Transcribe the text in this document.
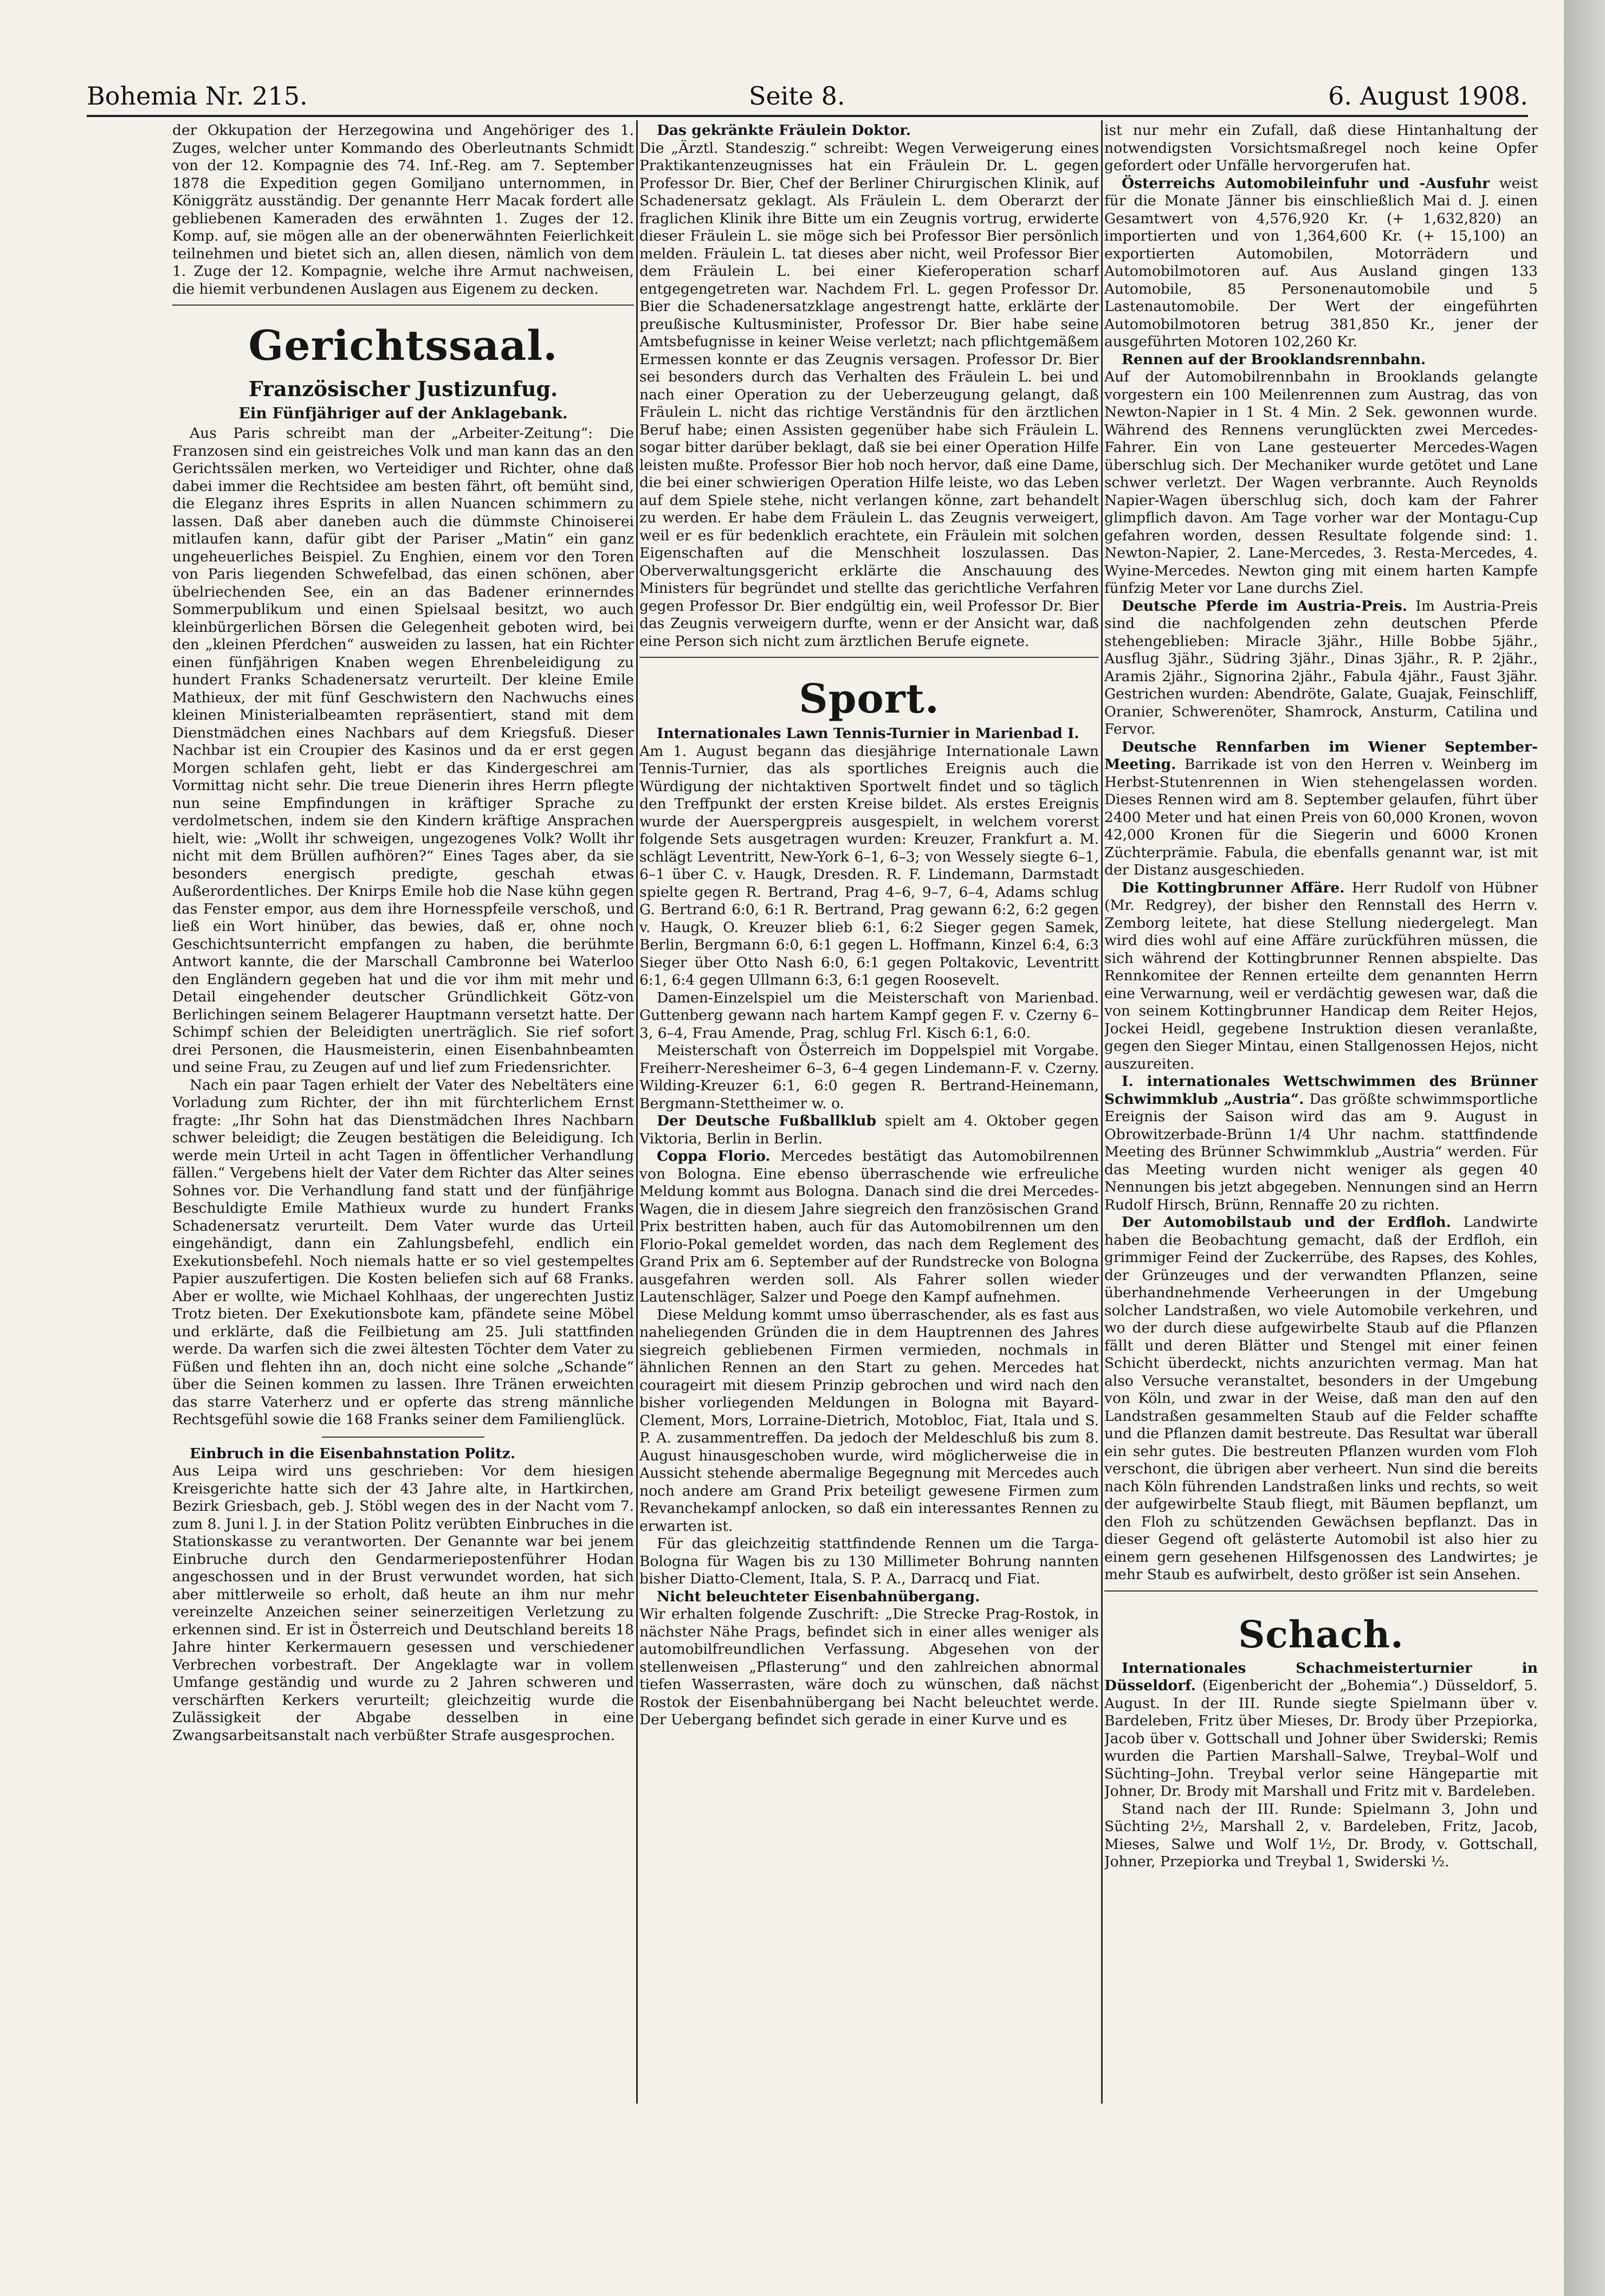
Bohemia Nr. 215.	Seite 8.	6. August 1908.

der Okkupation der Herzegowina und Angehöriger des 1. Zuges, welcher unter Kommando des Oberleutnants Schmidt von der 12. Kompagnie des 74. Inf.-Reg. am 7. September 1878 die Expedition gegen Gomiljano unternommen, in Königgrätz ausständig. Der genannte Herr Macak fordert alle gebliebenen Kameraden des erwähnten 1. Zuges der 12. Komp. auf, sie mögen alle an der obenerwähnten Feierlichkeit teilnehmen und bietet sich an, allen diesen, nämlich von dem 1. Zuge der 12. Kompagnie, welche ihre Armut nachweisen, die hiemit verbundenen Auslagen aus Eigenem zu decken.

Gerichtssaal.

Französischer Justizunfug.

Ein Fünfjähriger auf der Anklagebank.

Aus Paris schreibt man der „Arbeiter-Zeitung“: Die Franzosen sind ein geistreiches Volk und man kann das an den Gerichtssälen merken, wo Verteidiger und Richter, ohne daß dabei immer die Rechtsidee am besten fährt, oft bemüht sind, die Eleganz ihres Esprits in allen Nuancen schimmern zu lassen. Daß aber daneben auch die dümmste Chinoiserei mitlaufen kann, dafür gibt der Pariser „Matin“ ein ganz ungeheuerliches Beispiel. Zu Enghien, einem vor den Toren von Paris liegenden Schwefelbad, das einen schönen, aber übelriechenden See, ein an das Badener erinnerndes Sommerpublikum und einen Spielsaal besitzt, wo auch kleinbürgerlichen Börsen die Gelegenheit geboten wird, bei den „kleinen Pferdchen“ ausweiden zu lassen, hat ein Richter einen fünfjährigen Knaben wegen Ehrenbeleidigung zu hundert Franks Schadenersatz verurteilt. Der kleine Emile Mathieux, der mit fünf Geschwistern den Nachwuchs eines kleinen Ministerialbeamten repräsentiert, stand mit dem Dienstmädchen eines Nachbars auf dem Kriegsfuß. Dieser Nachbar ist ein Croupier des Kasinos und da er erst gegen Morgen schlafen geht, liebt er das Kindergeschrei am Vormittag nicht sehr. Die treue Dienerin ihres Herrn pflegte nun seine Empfindungen in kräftiger Sprache zu verdolmetschen, indem sie den Kindern kräftige Ansprachen hielt, wie: „Wollt ihr schweigen, ungezogenes Volk? Wollt ihr nicht mit dem Brüllen aufhören?“ Eines Tages aber, da sie besonders energisch predigte, geschah etwas Außerordentliches. Der Knirps Emile hob die Nase kühn gegen das Fenster empor, aus dem ihre Hornesspfeile verschoß, und ließ ein Wort hinüber, das bewies, daß er, ohne noch Geschichtsunterricht empfangen zu haben, die berühmte Antwort kannte, die der Marschall Cambronne bei Waterloo den Engländern gegeben hat und die vor ihm mit mehr und Detail eingehender deutscher Gründlichkeit Götz-von Berlichingen seinem Belagerer Hauptmann versetzt hatte. Der Schimpf schien der Beleidigten unerträglich. Sie rief sofort drei Personen, die Hausmeisterin, einen Eisenbahnbeamten und seine Frau, zu Zeugen auf und lief zum Friedensrichter.

Nach ein paar Tagen erhielt der Vater des Nebeltäters eine Vorladung zum Richter, der ihn mit fürchterlichem Ernst fragte: „Ihr Sohn hat das Dienstmädchen Ihres Nachbarn schwer beleidigt; die Zeugen bestätigen die Beleidigung. Ich werde mein Urteil in acht Tagen in öffentlicher Verhandlung fällen.“ Vergebens hielt der Vater dem Richter das Alter seines Sohnes vor. Die Verhandlung fand statt und der fünfjährige Beschuldigte Emile Mathieux wurde zu hundert Franks Schadenersatz verurteilt. Dem Vater wurde das Urteil eingehändigt, dann ein Zahlungsbefehl, endlich ein Exekutionsbefehl. Noch niemals hatte er so viel gestempeltes Papier auszufertigen. Die Kosten beliefen sich auf 68 Franks. Aber er wollte, wie Michael Kohlhaas, der ungerechten Justiz Trotz bieten. Der Exekutionsbote kam, pfändete seine Möbel und erklärte, daß die Feilbietung am 25. Juli stattfinden werde. Da warfen sich die zwei ältesten Töchter dem Vater zu Füßen und flehten ihn an, doch nicht eine solche „Schande“ über die Seinen kommen zu lassen. Ihre Tränen erweichten das starre Vaterherz und er opferte das streng männliche Rechtsgefühl sowie die 168 Franks seiner dem Familienglück.

Einbruch in die Eisenbahnstation Politz.
Aus Leipa wird uns geschrieben: Vor dem hiesigen Kreisgerichte hatte sich der 43 Jahre alte, in Hartkirchen, Bezirk Griesbach, geb. J. Stöbl wegen des in der Nacht vom 7. zum 8. Juni l. J. in der Station Politz verübten Einbruches in die Stationskasse zu verantworten. Der Genannte war bei jenem Einbruche durch den Gendarmeriepostenführer Hodan angeschossen und in der Brust verwundet worden, hat sich aber mittlerweile so erholt, daß heute an ihm nur mehr vereinzelte Anzeichen seiner seinerzeitigen Verletzung zu erkennen sind. Er ist in Österreich und Deutschland bereits 18 Jahre hinter Kerkermauern gesessen und verschiedener Verbrechen vorbestraft. Der Angeklagte war in vollem Umfange geständig und wurde zu 2 Jahren schweren und verschärften Kerkers verurteilt; gleichzeitig wurde die Zulässigkeit der Abgabe desselben in eine Zwangsarbeitsanstalt nach verbüßter Strafe ausgesprochen.

Das gekränkte Fräulein Doktor.
Die „Ärztl. Standeszig.“ schreibt: Wegen Verweigerung eines Praktikantenzeugnisses hat ein Fräulein Dr. L. gegen Professor Dr. Bier, Chef der Berliner Chirurgischen Klinik, auf Schadenersatz geklagt. Als Fräulein L. dem Oberarzt der fraglichen Klinik ihre Bitte um ein Zeugnis vortrug, erwiderte dieser Fräulein L. sie möge sich bei Professor Bier persönlich melden. Fräulein L. tat dieses aber nicht, weil Professor Bier dem Fräulein L. bei einer Kieferoperation scharf entgegengetreten war. Nachdem Frl. L. gegen Professor Dr. Bier die Schadenersatzklage angestrengt hatte, erklärte der preußische Kultusminister, Professor Dr. Bier habe seine Amtsbefugnisse in keiner Weise verletzt; nach pflichtgemäßem Ermessen konnte er das Zeugnis versagen. Professor Dr. Bier sei besonders durch das Verhalten des Fräulein L. bei und nach einer Operation zu der Ueberzeugung gelangt, daß Fräulein L. nicht das richtige Verständnis für den ärztlichen Beruf habe; einen Assisten gegenüber habe sich Fräulein L. sogar bitter darüber beklagt, daß sie bei einer Operation Hilfe leisten mußte. Professor Bier hob noch hervor, daß eine Dame, die bei einer schwierigen Operation Hilfe leiste, wo das Leben auf dem Spiele stehe, nicht verlangen könne, zart behandelt zu werden. Er habe dem Fräulein L. das Zeugnis verweigert, weil er es für bedenklich erachtete, ein Fräulein mit solchen Eigenschaften auf die Menschheit loszulassen. Das Oberverwaltungsgericht erklärte die Anschauung des Ministers für begründet und stellte das gerichtliche Verfahren gegen Professor Dr. Bier endgültig ein, weil Professor Dr. Bier das Zeugnis verweigern durfte, wenn er der Ansicht war, daß eine Person sich nicht zum ärztlichen Berufe eignete.

Sport.

Internationales Lawn Tennis-Turnier in Marienbad I.
Am 1. August begann das diesjährige Internationale Lawn Tennis-Turnier, das als sportliches Ereignis auch die Würdigung der nichtaktiven Sportwelt findet und so täglich den Treffpunkt der ersten Kreise bildet. Als erstes Ereignis wurde der Auerspergpreis ausgespielt, in welchem vorerst folgende Sets ausgetragen wurden: Kreuzer, Frankfurt a. M. schlägt Leventritt, New-York 6–1, 6–3; von Wessely siegte 6–1, 6–1 über C. v. Haugk, Dresden. R. F. Lindemann, Darmstadt spielte gegen R. Bertrand, Prag 4–6, 9–7, 6–4, Adams schlug G. Bertrand 6:0, 6:1 R. Bertrand, Prag gewann 6:2, 6:2 gegen v. Haugk, O. Kreuzer blieb 6:1, 6:2 Sieger gegen Samek, Berlin, Bergmann 6:0, 6:1 gegen L. Hoffmann, Kinzel 6:4, 6:3 Sieger über Otto Nash 6:0, 6:1 gegen Poltakovic, Leventritt 6:1, 6:4 gegen Ullmann 6:3, 6:1 gegen Roosevelt.

Damen-Einzelspiel um die Meisterschaft von Marienbad. Guttenberg gewann nach hartem Kampf gegen F. v. Czerny 6–3, 6–4, Frau Amende, Prag, schlug Frl. Kisch 6:1, 6:0.

Meisterschaft von Österreich im Doppelspiel mit Vorgabe. Freiherr-Neresheimer 6–3, 6–4 gegen Lindemann-F. v. Czerny. Wilding-Kreuzer 6:1, 6:0 gegen R. Bertrand-Heinemann, Bergmann-Stettheimer w. o.

Der Deutsche Fußballklub spielt am 4. Oktober gegen Viktoria, Berlin in Berlin.

Coppa Florio. Mercedes bestätigt das Automobilrennen von Bologna. Eine ebenso überraschende wie erfreuliche Meldung kommt aus Bologna. Danach sind die drei Mercedes-Wagen, die in diesem Jahre siegreich den französischen Grand Prix bestritten haben, auch für das Automobilrennen um den Florio-Pokal gemeldet worden, das nach dem Reglement des Grand Prix am 6. September auf der Rundstrecke von Bologna ausgefahren werden soll. Als Fahrer sollen wieder Lautenschläger, Salzer und Poege den Kampf aufnehmen.

Diese Meldung kommt umso überraschender, als es fast aus naheliegenden Gründen die in dem Hauptrennen des Jahres siegreich gebliebenen Firmen vermieden, nochmals in ähnlichen Rennen an den Start zu gehen. Mercedes hat courageirt mit diesem Prinzip gebrochen und wird nach den bisher vorliegenden Meldungen in Bologna mit Bayard-Clement, Mors, Lorraine-Dietrich, Motobloc, Fiat, Itala und S. P. A. zusammentreffen. Da jedoch der Meldeschluß bis zum 8. August hinausgeschoben wurde, wird möglicherweise die in Aussicht stehende abermalige Begegnung mit Mercedes auch noch andere am Grand Prix beteiligt gewesene Firmen zum Revanchekampf anlocken, so daß ein interessantes Rennen zu erwarten ist.

Für das gleichzeitig stattfindende Rennen um die Targa-Bologna für Wagen bis zu 130 Millimeter Bohrung nannten bisher Diatto-Clement, Itala, S. P. A., Darracq und Fiat.

Nicht beleuchteter Eisenbahnübergang.
Wir erhalten folgende Zuschrift: „Die Strecke Prag-Rostok, in nächster Nähe Prags, befindet sich in einer alles weniger als automobilfreundlichen Verfassung. Abgesehen von der stellenweisen „Pflasterung“ und den zahlreichen abnormal tiefen Wasserrasten, wäre doch zu wünschen, daß nächst Rostok der Eisenbahnübergang bei Nacht beleuchtet werde. Der Uebergang befindet sich gerade in einer Kurve und es

ist nur mehr ein Zufall, daß diese Hintanhaltung der notwendigsten Vorsichtsmaßregel noch keine Opfer gefordert oder Unfälle hervorgerufen hat.

Österreichs Automobileinfuhr und -Ausfuhr weist für die Monate Jänner bis einschließlich Mai d. J. einen Gesamtwert von 4,576,920 Kr. (+ 1,632,820) an importierten und von 1,364,600 Kr. (+ 15,100) an exportierten Automobilen, Motorrädern und Automobilmotoren auf. Aus Ausland gingen 133 Automobile, 85 Personenautomobile und 5 Lastenautomobile. Der Wert der eingeführten Automobilmotoren betrug 381,850 Kr., jener der ausgeführten Motoren 102,260 Kr.

Rennen auf der Brooklandsrennbahn.
Auf der Automobilrennbahn in Brooklands gelangte vorgestern ein 100 Meilenrennen zum Austrag, das von Newton-Napier in 1 St. 4 Min. 2 Sek. gewonnen wurde. Während des Rennens verunglückten zwei Mercedes-Fahrer. Ein von Lane gesteuerter Mercedes-Wagen überschlug sich. Der Mechaniker wurde getötet und Lane schwer verletzt. Der Wagen verbrannte. Auch Reynolds Napier-Wagen überschlug sich, doch kam der Fahrer glimpflich davon. Am Tage vorher war der Montagu-Cup gefahren worden, dessen Resultate folgende sind: 1. Newton-Napier, 2. Lane-Mercedes, 3. Resta-Mercedes, 4. Wyine-Mercedes. Newton ging mit einem harten Kampfe fünfzig Meter vor Lane durchs Ziel.

Deutsche Pferde im Austria-Preis. Im Austria-Preis sind die nachfolgenden zehn deutschen Pferde stehengeblieben: Miracle 3jähr., Hille Bobbe 5jähr., Ausflug 3jähr., Südring 3jähr., Dinas 3jähr., R. P. 2jähr., Aramis 2jähr., Signorina 2jähr., Fabula 4jähr., Faust 3jähr. Gestrichen wurden: Abendröte, Galate, Guajak, Feinschliff, Oranier, Schwerenöter, Shamrock, Ansturm, Catilina und Fervor.

Deutsche Rennfarben im Wiener September-Meeting. Barrikade ist von den Herren v. Weinberg im Herbst-Stutenrennen in Wien stehengelassen worden. Dieses Rennen wird am 8. September gelaufen, führt über 2400 Meter und hat einen Preis von 60,000 Kronen, wovon 42,000 Kronen für die Siegerin und 6000 Kronen Züchterprämie. Fabula, die ebenfalls genannt war, ist mit der Distanz ausgeschieden.

Die Kottingbrunner Affäre. Herr Rudolf von Hübner (Mr. Redgrey), der bisher den Rennstall des Herrn v. Zemborg leitete, hat diese Stellung niedergelegt. Man wird dies wohl auf eine Affäre zurückführen müssen, die sich während der Kottingbrunner Rennen abspielte. Das Rennkomitee der Rennen erteilte dem genannten Herrn eine Verwarnung, weil er verdächtig gewesen war, daß die von seinem Kottingbrunner Handicap dem Reiter Hejos, Jockei Heidl, gegebene Instruktion diesen veranlaßte, gegen den Sieger Mintau, einen Stallgenossen Hejos, nicht auszureiten.

I. internationales Wettschwimmen des Brünner Schwimmklub „Austria“. Das größte schwimmsportliche Ereignis der Saison wird das am 9. August in Obrowitzerbade-Brünn 1/4 Uhr nachm. stattfindende Meeting des Brünner Schwimmklub „Austria“ werden. Für das Meeting wurden nicht weniger als gegen 40 Nennungen bis jetzt abgegeben. Nennungen sind an Herrn Rudolf Hirsch, Brünn, Rennaffe 20 zu richten.

Der Automobilstaub und der Erdfloh. Landwirte haben die Beobachtung gemacht, daß der Erdfloh, ein grimmiger Feind der Zuckerrübe, des Rapses, des Kohles, der Grünzeuges und der verwandten Pflanzen, seine überhandnehmende Verheerungen in der Umgebung solcher Landstraßen, wo viele Automobile verkehren, und wo der durch diese aufgewirbelte Staub auf die Pflanzen fällt und deren Blätter und Stengel mit einer feinen Schicht überdeckt, nichts anzurichten vermag. Man hat also Versuche veranstaltet, besonders in der Umgebung von Köln, und zwar in der Weise, daß man den auf den Landstraßen gesammelten Staub auf die Felder schaffte und die Pflanzen damit bestreute. Das Resultat war überall ein sehr gutes. Die bestreuten Pflanzen wurden vom Floh verschont, die übrigen aber verheert. Nun sind die bereits nach Köln führenden Landstraßen links und rechts, so weit der aufgewirbelte Staub fliegt, mit Bäumen bepflanzt, um den Floh zu schützenden Gewächsen bepflanzt. Das in dieser Gegend oft gelästerte Automobil ist also hier zu einem gern gesehenen Hilfsgenossen des Landwirtes; je mehr Staub es aufwirbelt, desto größer ist sein Ansehen.

Schach.

Internationales Schachmeisterturnier in Düsseldorf. (Eigenbericht der „Bohemia“.) Düsseldorf, 5. August. In der III. Runde siegte Spielmann über v. Bardeleben, Fritz über Mieses, Dr. Brody über Przepiorka, Jacob über v. Gottschall und Johner über Swiderski; Remis wurden die Partien Marshall–Salwe, Treybal–Wolf und Süchting–John. Treybal verlor seine Hängepartie mit Johner, Dr. Brody mit Marshall und Fritz mit v. Bardeleben.

Stand nach der III. Runde: Spielmann 3, John und Süchting 2½, Marshall 2, v. Bardeleben, Fritz, Jacob, Mieses, Salwe und Wolf 1½, Dr. Brody, v. Gottschall, Johner, Przepiorka und Treybal 1, Swiderski ½.
